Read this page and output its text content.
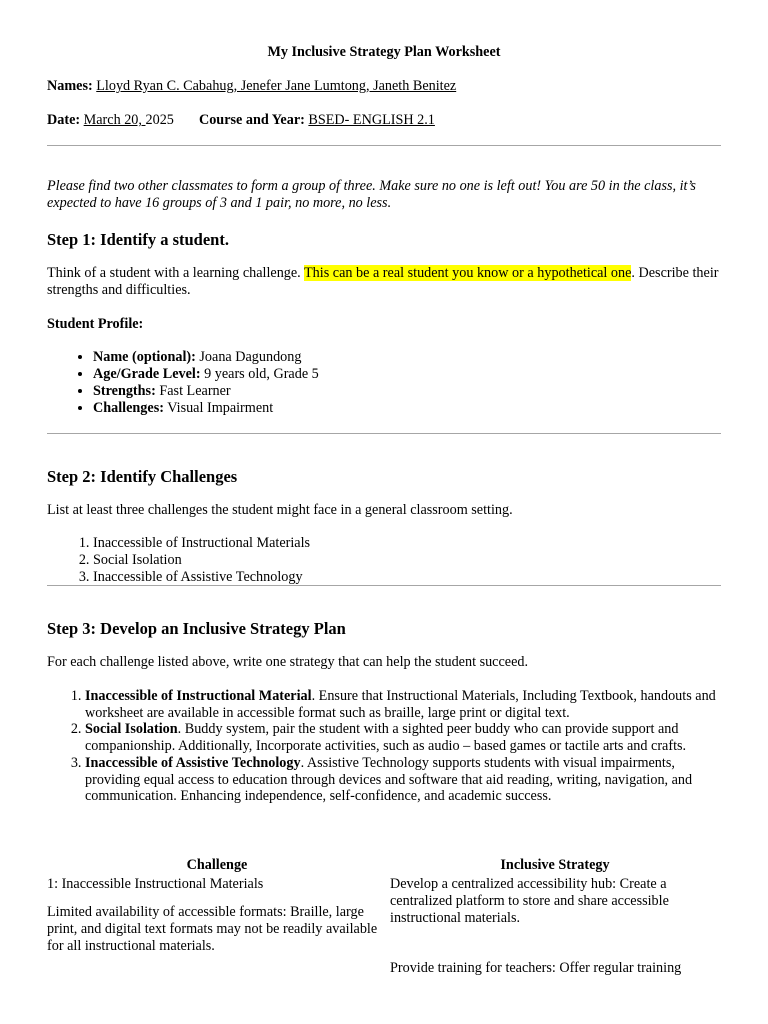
My Inclusive Strategy Plan Worksheet
Names: Lloyd Ryan C. Cabahug, Jenefer Jane Lumtong, Janeth Benitez
Date: March 20, 2025 Course and Year: BSED- ENGLISH 2.1
Please find two other classmates to form a group of three. Make sure no one is left out! You are 50 in the class, it’s expected to have 16 groups of 3 and 1 pair, no more, no less.
Step 1: Identify a student.
Think of a student with a learning challenge. This can be a real student you know or a hypothetical one. Describe their strengths and difficulties.
Student Profile:
• Name (optional): Joana Dagundong
• Age/Grade Level: 9 years old, Grade 5
• Strengths: Fast Learner
• Challenges: Visual Impairment
Step 2: Identify Challenges
List at least three challenges the student might face in a general classroom setting.
1. Inaccessible of Instructional Materials
2. Social Isolation
3. Inaccessible of Assistive Technology
Step 3: Develop an Inclusive Strategy Plan
For each challenge listed above, write one strategy that can help the student succeed.
1. Inaccessible of Instructional Material. Ensure that Instructional Materials, Including Textbook, handouts and worksheet are available in accessible format such as braille, large print or digital text.
2. Social Isolation. Buddy system, pair the student with a sighted peer buddy who can provide support and companionship. Additionally, Incorporate activities, such as audio – based games or tactile arts and crafts.
3. Inaccessible of Assistive Technology. Assistive Technology supports students with visual impairments, providing equal access to education through devices and software that aid reading, writing, navigation, and communication. Enhancing independence, self-confidence, and academic success.
Challenge	Inclusive Strategy
1: Inaccessible Instructional Materials
Limited availability of accessible formats: Braille, large print, and digital text formats may not be readily available for all instructional materials.
Develop a centralized accessibility hub: Create a centralized platform to store and share accessible instructional materials.
Provide training for teachers: Offer regular training
